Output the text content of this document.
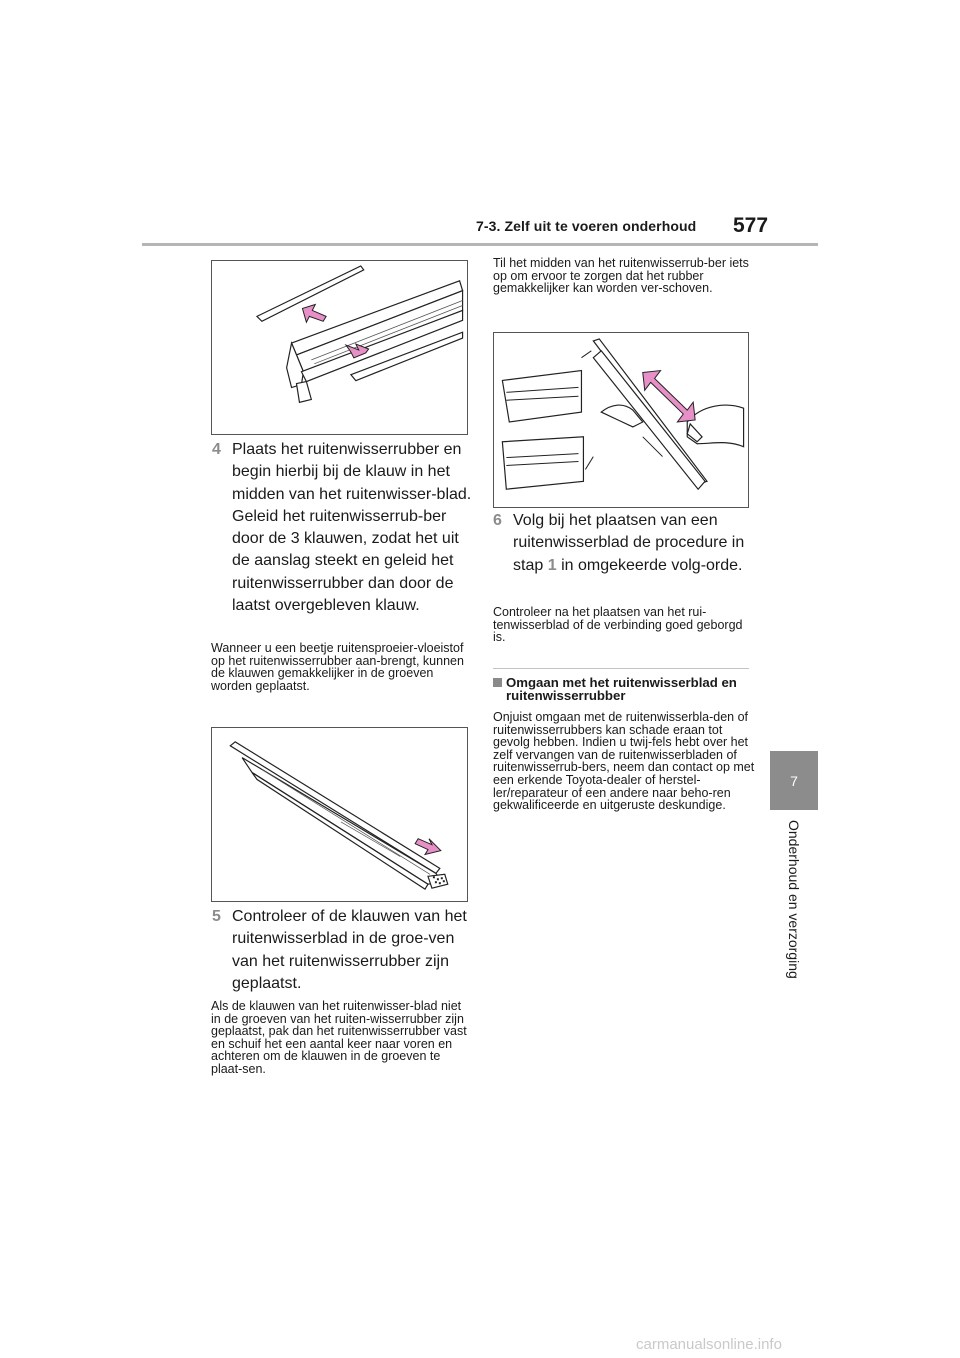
7-3. Zelf uit te voeren onderhoud 577
4 Plaats het ruitenwisserrubber en begin hierbij bij de klauw in het midden van het ruitenwisser-blad. Geleid het ruitenwisserrub-ber door de 3 klauwen, zodat het uit de aanslag steekt en geleid het ruitenwisserrubber dan door de laatst overgebleven klauw.
Wanneer u een beetje ruitensproeier-vloeistof op het ruitenwisserrubber aan-brengt, kunnen de klauwen gemakkelijker in de groeven worden geplaatst.
5 Controleer of de klauwen van het ruitenwisserblad in de groe-ven van het ruitenwisserrubber zijn geplaatst.
Als de klauwen van het ruitenwisser-blad niet in de groeven van het ruiten-wisserrubber zijn geplaatst, pak dan het ruitenwisserrubber vast en schuif het een aantal keer naar voren en achteren om de klauwen in de groeven te plaat-sen.
Til het midden van het ruitenwisserrub-ber iets op om ervoor te zorgen dat het rubber gemakkelijker kan worden ver-schoven.
6 Volg bij het plaatsen van een ruitenwisserblad de procedure in stap 1 in omgekeerde volg-orde.
Controleer na het plaatsen van het rui-tenwisserblad of de verbinding goed geborgd is.
Omgaan met het ruitenwisserblad en ruitenwisserrubber
Onjuist omgaan met de ruitenwisserbla-den of ruitenwisserrubbers kan schade eraan tot gevolg hebben. Indien u twij-fels hebt over het zelf vervangen van de ruitenwisserbladen of ruitenwisserrub-bers, neem dan contact op met een erkende Toyota-dealer of herstel-ler/reparateur of een andere naar beho-ren gekwalificeerde en uitgeruste deskundige.
7
Onderhoud en verzorging
carmanualsonline.info
